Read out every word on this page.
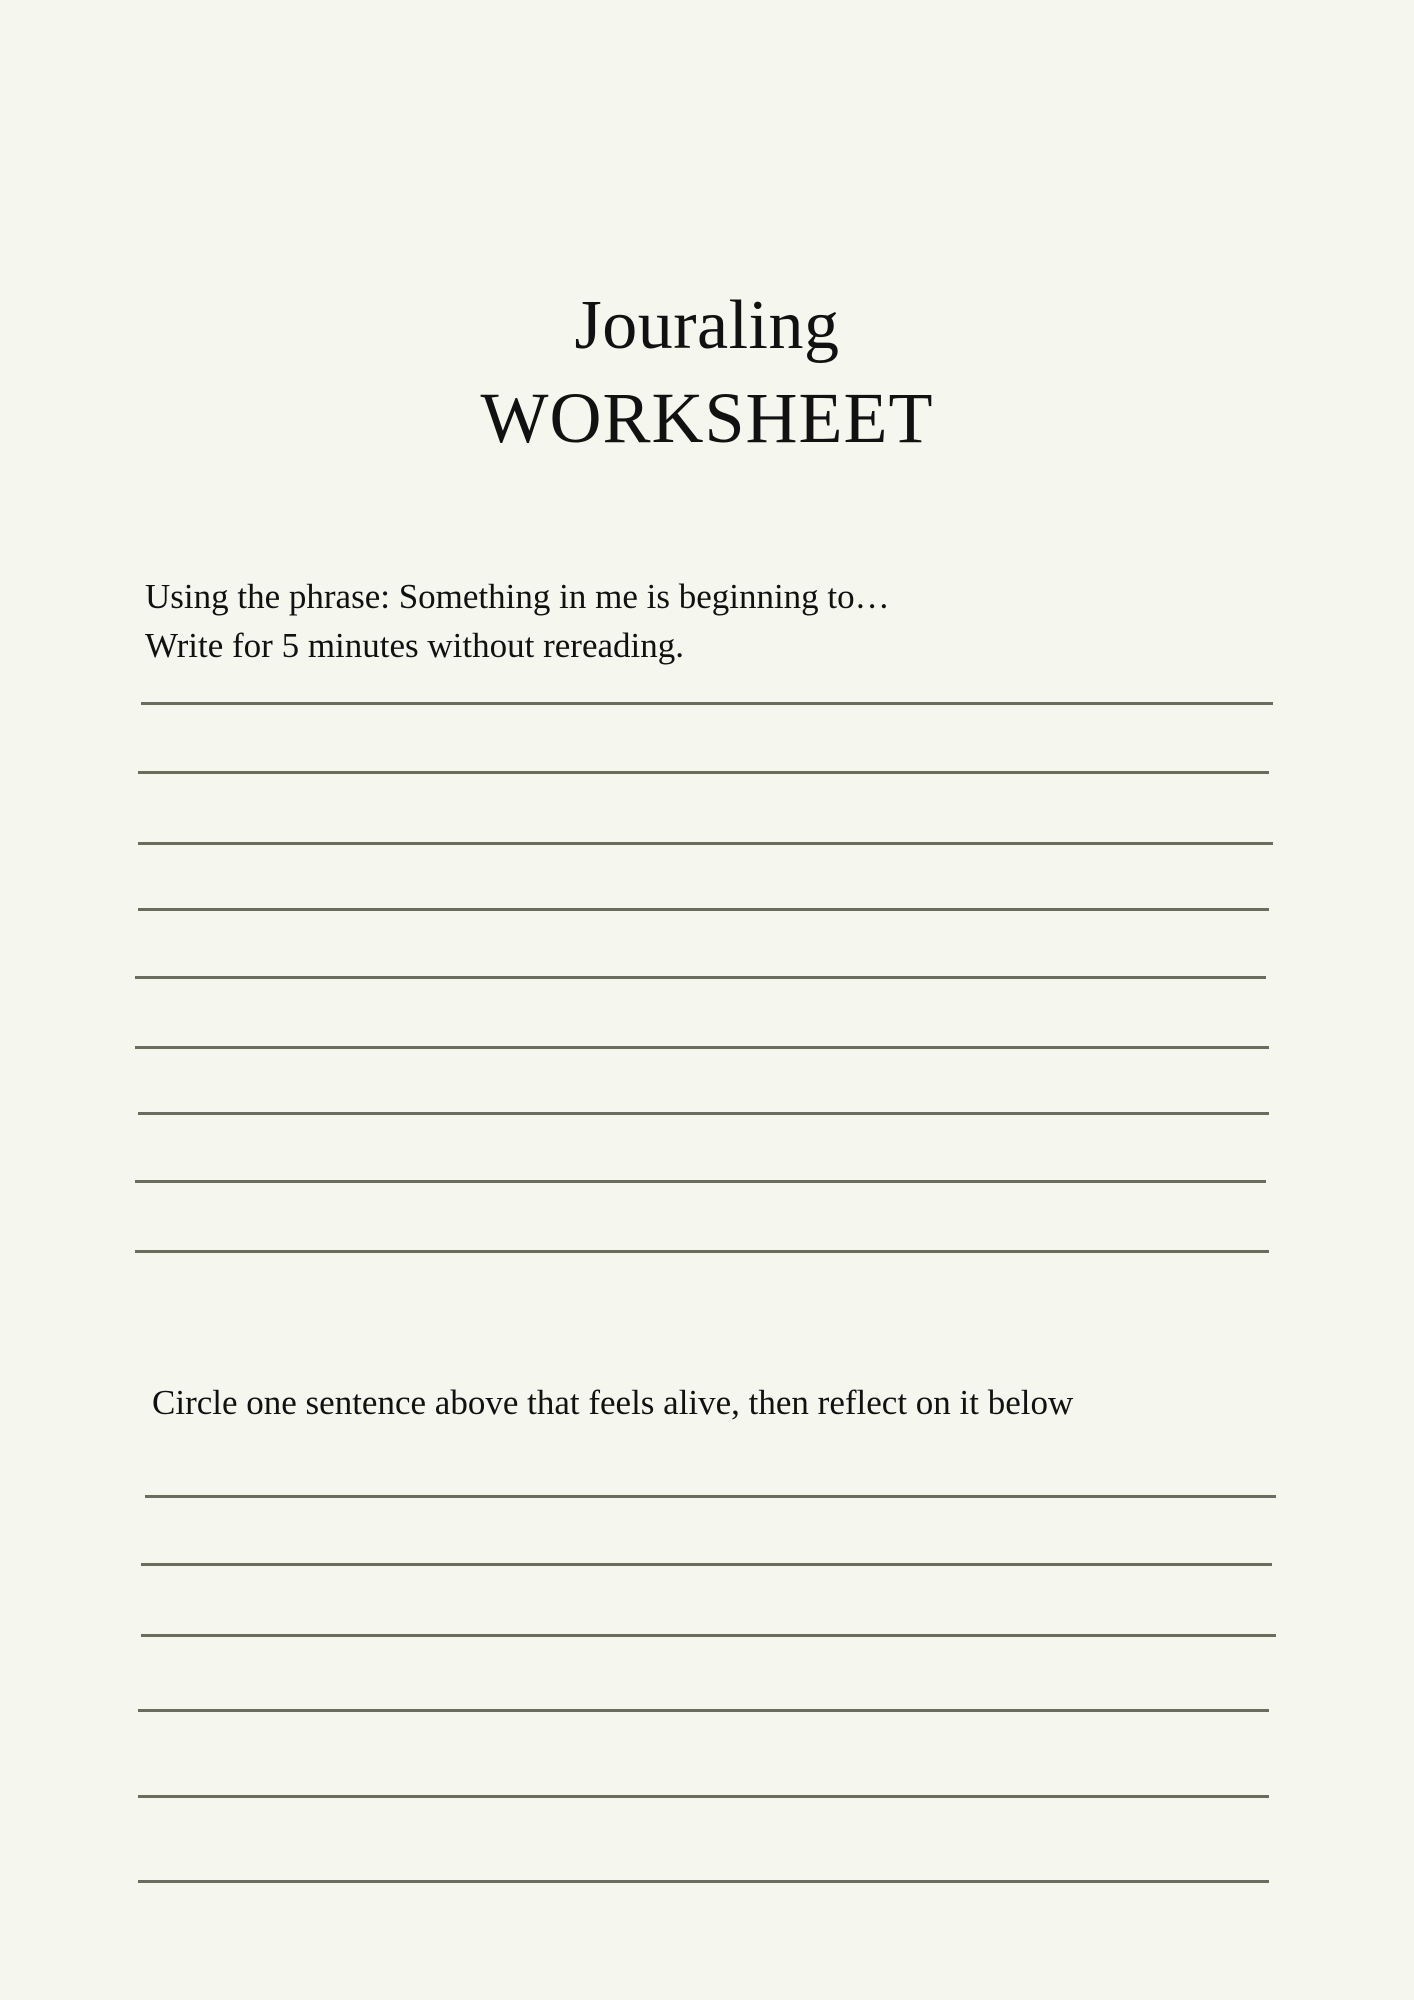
Jouraling
WORKSHEET
Using the phrase: Something in me is beginning to…
Write for 5 minutes without rereading.
Circle one sentence above that feels alive, then reflect on it below
